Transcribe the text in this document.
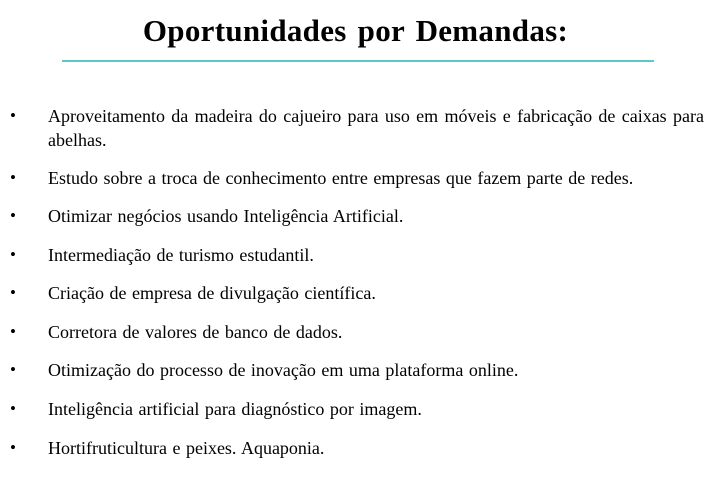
Oportunidades por Demandas:
•	Aproveitamento da madeira do cajueiro para uso em móveis e fabricação de caixas para abelhas.
•	Estudo sobre a troca de conhecimento entre empresas que fazem parte de redes.
•	Otimizar negócios usando Inteligência Artificial.
•	Intermediação de turismo estudantil.
•	Criação de empresa de divulgação científica.
•	Corretora de valores de banco de dados.
•	Otimização do processo de inovação em uma plataforma online.
•	Inteligência artificial para diagnóstico por imagem.
•	Hortifruticultura e peixes. Aquaponia.
